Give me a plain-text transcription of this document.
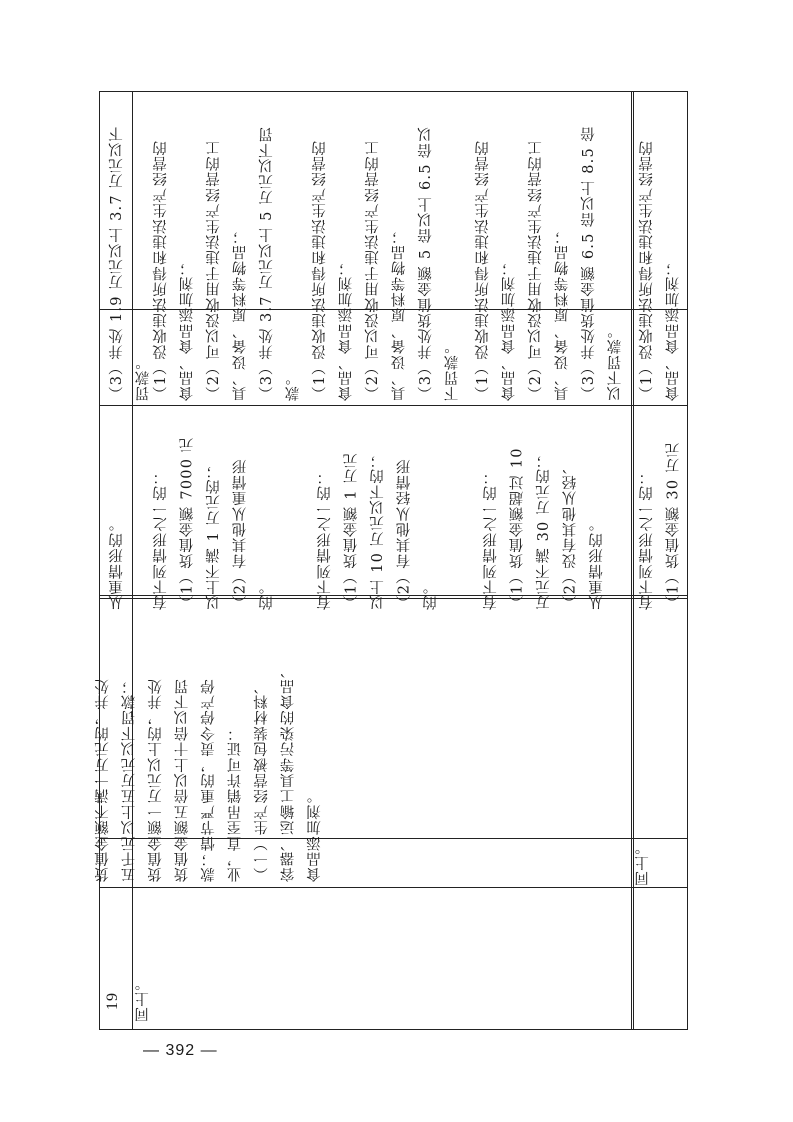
19 同上。
同上。
货值金额不满一万元的，并处 五千元以上五万元以下罚款； 货值金额一万元以上的，并处 货值金额五倍以上十倍以下罚 款；情节严重的，责令停产停 业，直至吊销许可证： （一）生产经营被包装材料、 容器、运输工具等污染的食品、 食品添加剂。
有下列情形之一的： （1）货值金额 30 万元
有下列情形之一的： （1）货值金额超过 10 万元不满 30 万元的； （2）没有其他从轻、 从重情形的。
有下列情形之一的： （1）货值金额 1 万元 以上 10 万元以下的； （2）有其他从轻情形 的。
有下列情形之一的： （1）货值金额 7000 元 以上不满 1 万元的； （2）有其他从重情形 的。
从重情形的。
（1）没收违法所得和违法生产经营的 食品、食品添加剂；
（1）没收违法所得和违法生产经营的 食品、食品添加剂； （2）可以没收用于违法生产经营的工 具、设备、原料等物品； （3）并处货值金额 6.5 倍以上 8.5 倍 以下罚款。
（1）没收违法所得和违法生产经营的 食品、食品添加剂； （2）可以没收用于违法生产经营的工 具、设备、原料等物品； （3）并处货值金额 5 倍以上 6.5 倍以 下罚款。
（1）没收违法所得和违法生产经营的 食品、食品添加剂； （2）可以没收用于违法生产经营的工 具、设备、原料等物品； （3）并处 3.7 万元以上 5 万元以下罚 款。
（3）并处 1.9 万元以上 3.7 万元以下 罚款。
— 392 —
